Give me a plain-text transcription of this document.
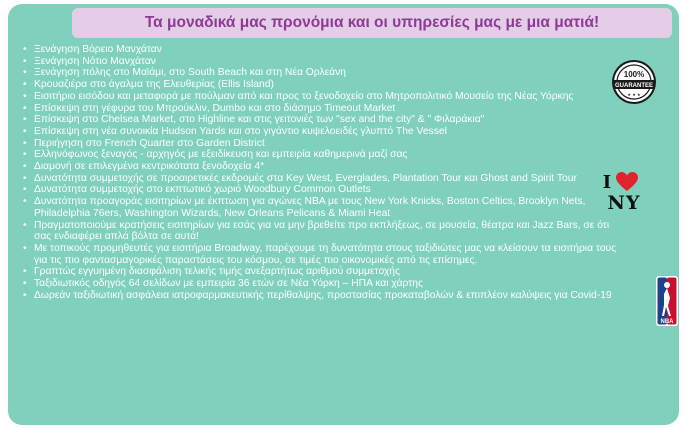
Τα μοναδικά μας προνόμια και οι υπηρεσίες μας με μια ματιά!
• Ξενάγηση Βόρειο Μανχάταν
• Ξενάγηση Νότιο Μανχάταν
• Ξενάγηση πόλης στο Μαϊάμι, στο South Beach και στη Νέα Ορλεάνη
• Κρουαζιέρα στο άγαλμα της Ελευθερίας (Ellis Island)
• Εισιτήριο εισόδου και μεταφορά με πούλμαν από και προς το ξενοδοχείο στο Μητροπολιτικό Μουσείο της Νέας Υόρκης
• Επίσκεψη στη γέφυρα του Μπρούκλιν, Dumbo και στο διάσημο Timeout Market
• Επίσκεψη στο Chelsea Market, στο Highline και στις γειτονιές των "sex and the city" & " Φιλαράκια"
• Επίσκεψη στη νέα συνοικία Hudson Yards και στο γιγάντιο κυψελοειδές γλυπτό The Vessel
• Περιήγηση στο French Quarter στο Garden District
• Ελληνόφωνος ξεναγός - αρχηγός με εξειδίκευση και εμπειρία καθημερινά μαζί σας
• Διαμονή σε επιλεγμένα κεντρικότατα ξενοδοχεία 4*
• Δυνατότητα συμμετοχής σε προαιρετικές εκδρομές στα Key West, Everglades, Plantation Tour και Ghost and Spirit Tour
• Δυνατότητα συμμετοχής στο εκπτωτικό χωριό Woodbury Common Outlets
• Δυνατότητα προαγοράς εισιτηρίων με έκπτωση για αγώνες NBA με τους New York Knicks, Boston Celtics, Brooklyn Nets, Philadelphia 76ers, Washington Wizards, New Orleans Pelicans & Miami Heat
• Πραγματοποιούμε κρατήσεις εισιτηρίων για εσάς για να μην βρεθείτε προ εκπλήξεως, σε μουσεία, θέατρα και Jazz Bars, σε ότι σας ενδιαφέρει απλά βόλτα σε αυτά!
• Με τοπικούς προμηθευτές για εισιτήρια Broadway, παρέχουμε τη δυνατότητα στους ταξιδιώτες μας να κλείσουν τα εισιτήρια τους για τις πιο φαντασμαγορικές παραστάσεις του κόσμου, σε τιμές πιο οικονομικές από τις επίσημες.
• Γραπτώς εγγυημένη διασφάλιση τελικής τιμής ανεξαρτήτως αριθμού συμμετοχής
• Ταξιδιωτικός οδηγός 64 σελίδων με εμπειρία 36 ετών σε Νέα Υόρκη – ΗΠΑ και χάρτης
• Δωρεάν ταξιδιωτική ασφάλεια ιατροφαρμακευτικής περίθαλψης, προστασίας προκαταβολών & επιπλέον καλύψεις για Covid-19
100%
GUARANTEE
★ ★ ★
I
NY
NBA
